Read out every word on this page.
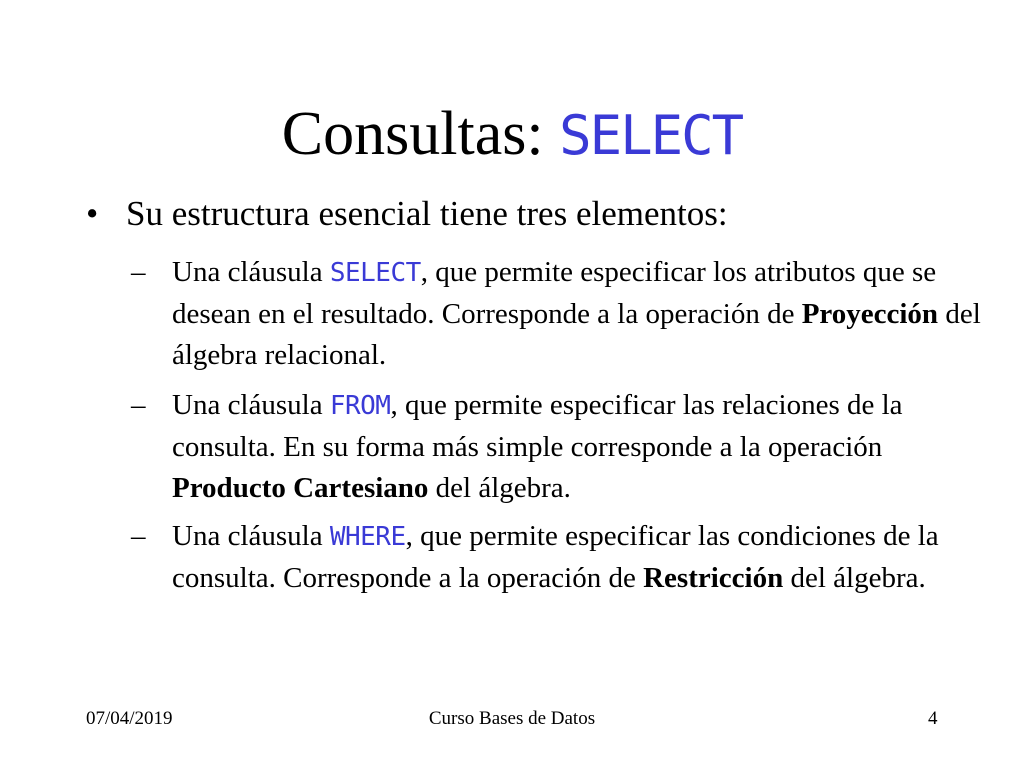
Consultas: SELECT
• Su estructura esencial tiene tres elementos:
– Una cláusula SELECT, que permite especificar los atributos que se desean en el resultado. Corresponde a la operación de Proyección del álgebra relacional.
– Una cláusula FROM, que permite especificar las relaciones de la consulta. En su forma más simple corresponde a la operación Producto Cartesiano del álgebra.
– Una cláusula WHERE, que permite especificar las condiciones de la consulta. Corresponde a la operación de Restricción del álgebra.
07/04/2019	Curso Bases de Datos	4
